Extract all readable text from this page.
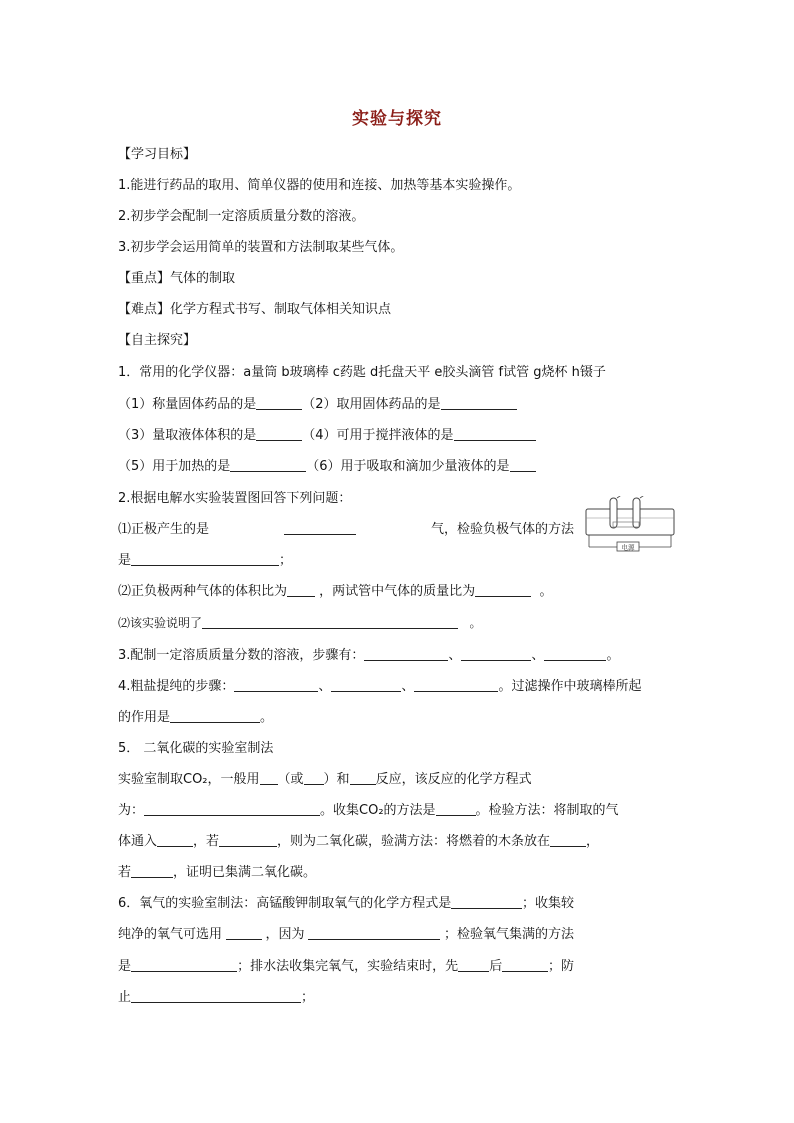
实验与探究
【学习目标】
1.能进行药品的取用、简单仪器的使用和连接、加热等基本实验操作。
2.初步学会配制一定溶质质量分数的溶液。
3.初步学会运用简单的装置和方法制取某些气体。
【重点】气体的制取
【难点】化学方程式书写、制取气体相关知识点
【自主探究】
1．常用的化学仪器：a量筒 b玻璃棒 c药匙 d托盘天平 e胶头滴管 f试管 g烧杯 h镊子
（1）称量固体药品的是	（2）取用固体药品的是
（3）量取液体体积的是	（4）可用于搅拌液体的是
（5）用于加热的是	（6）用于吸取和滴加少量液体的是
2.根据电解水实验装置图回答下列问题：
⑴正极产生的是	气，检验负极气体的方法
是	；
⑵正负极两种气体的体积比为 ，两试管中气体的质量比为	。
⑵该实验说明了	。
电源
3.配制一定溶质质量分数的溶液，步骤有：	、	、	。
4.粗盐提纯的步骤：	、	、	。过滤操作中玻璃棒所起
的作用是	。
5． 二氧化碳的实验室制法
实验室制取CO₂，一般用 （或 ）和 反应，该反应的化学方程式
为：	。收集CO₂的方法是	。检验方法：将制取的气
体通入	，若	，则为二氧化碳，验满方法：将燃着的木条放在	，
若	，证明已集满二氧化碳。
6．氧气的实验室制法：高锰酸钾制取氧气的化学方程式是	；收集较
纯净的氧气可选用	，因为	；检验氧气集满的方法
是	；排水法收集完氧气，实验结束时，先 后	；防
止	；
